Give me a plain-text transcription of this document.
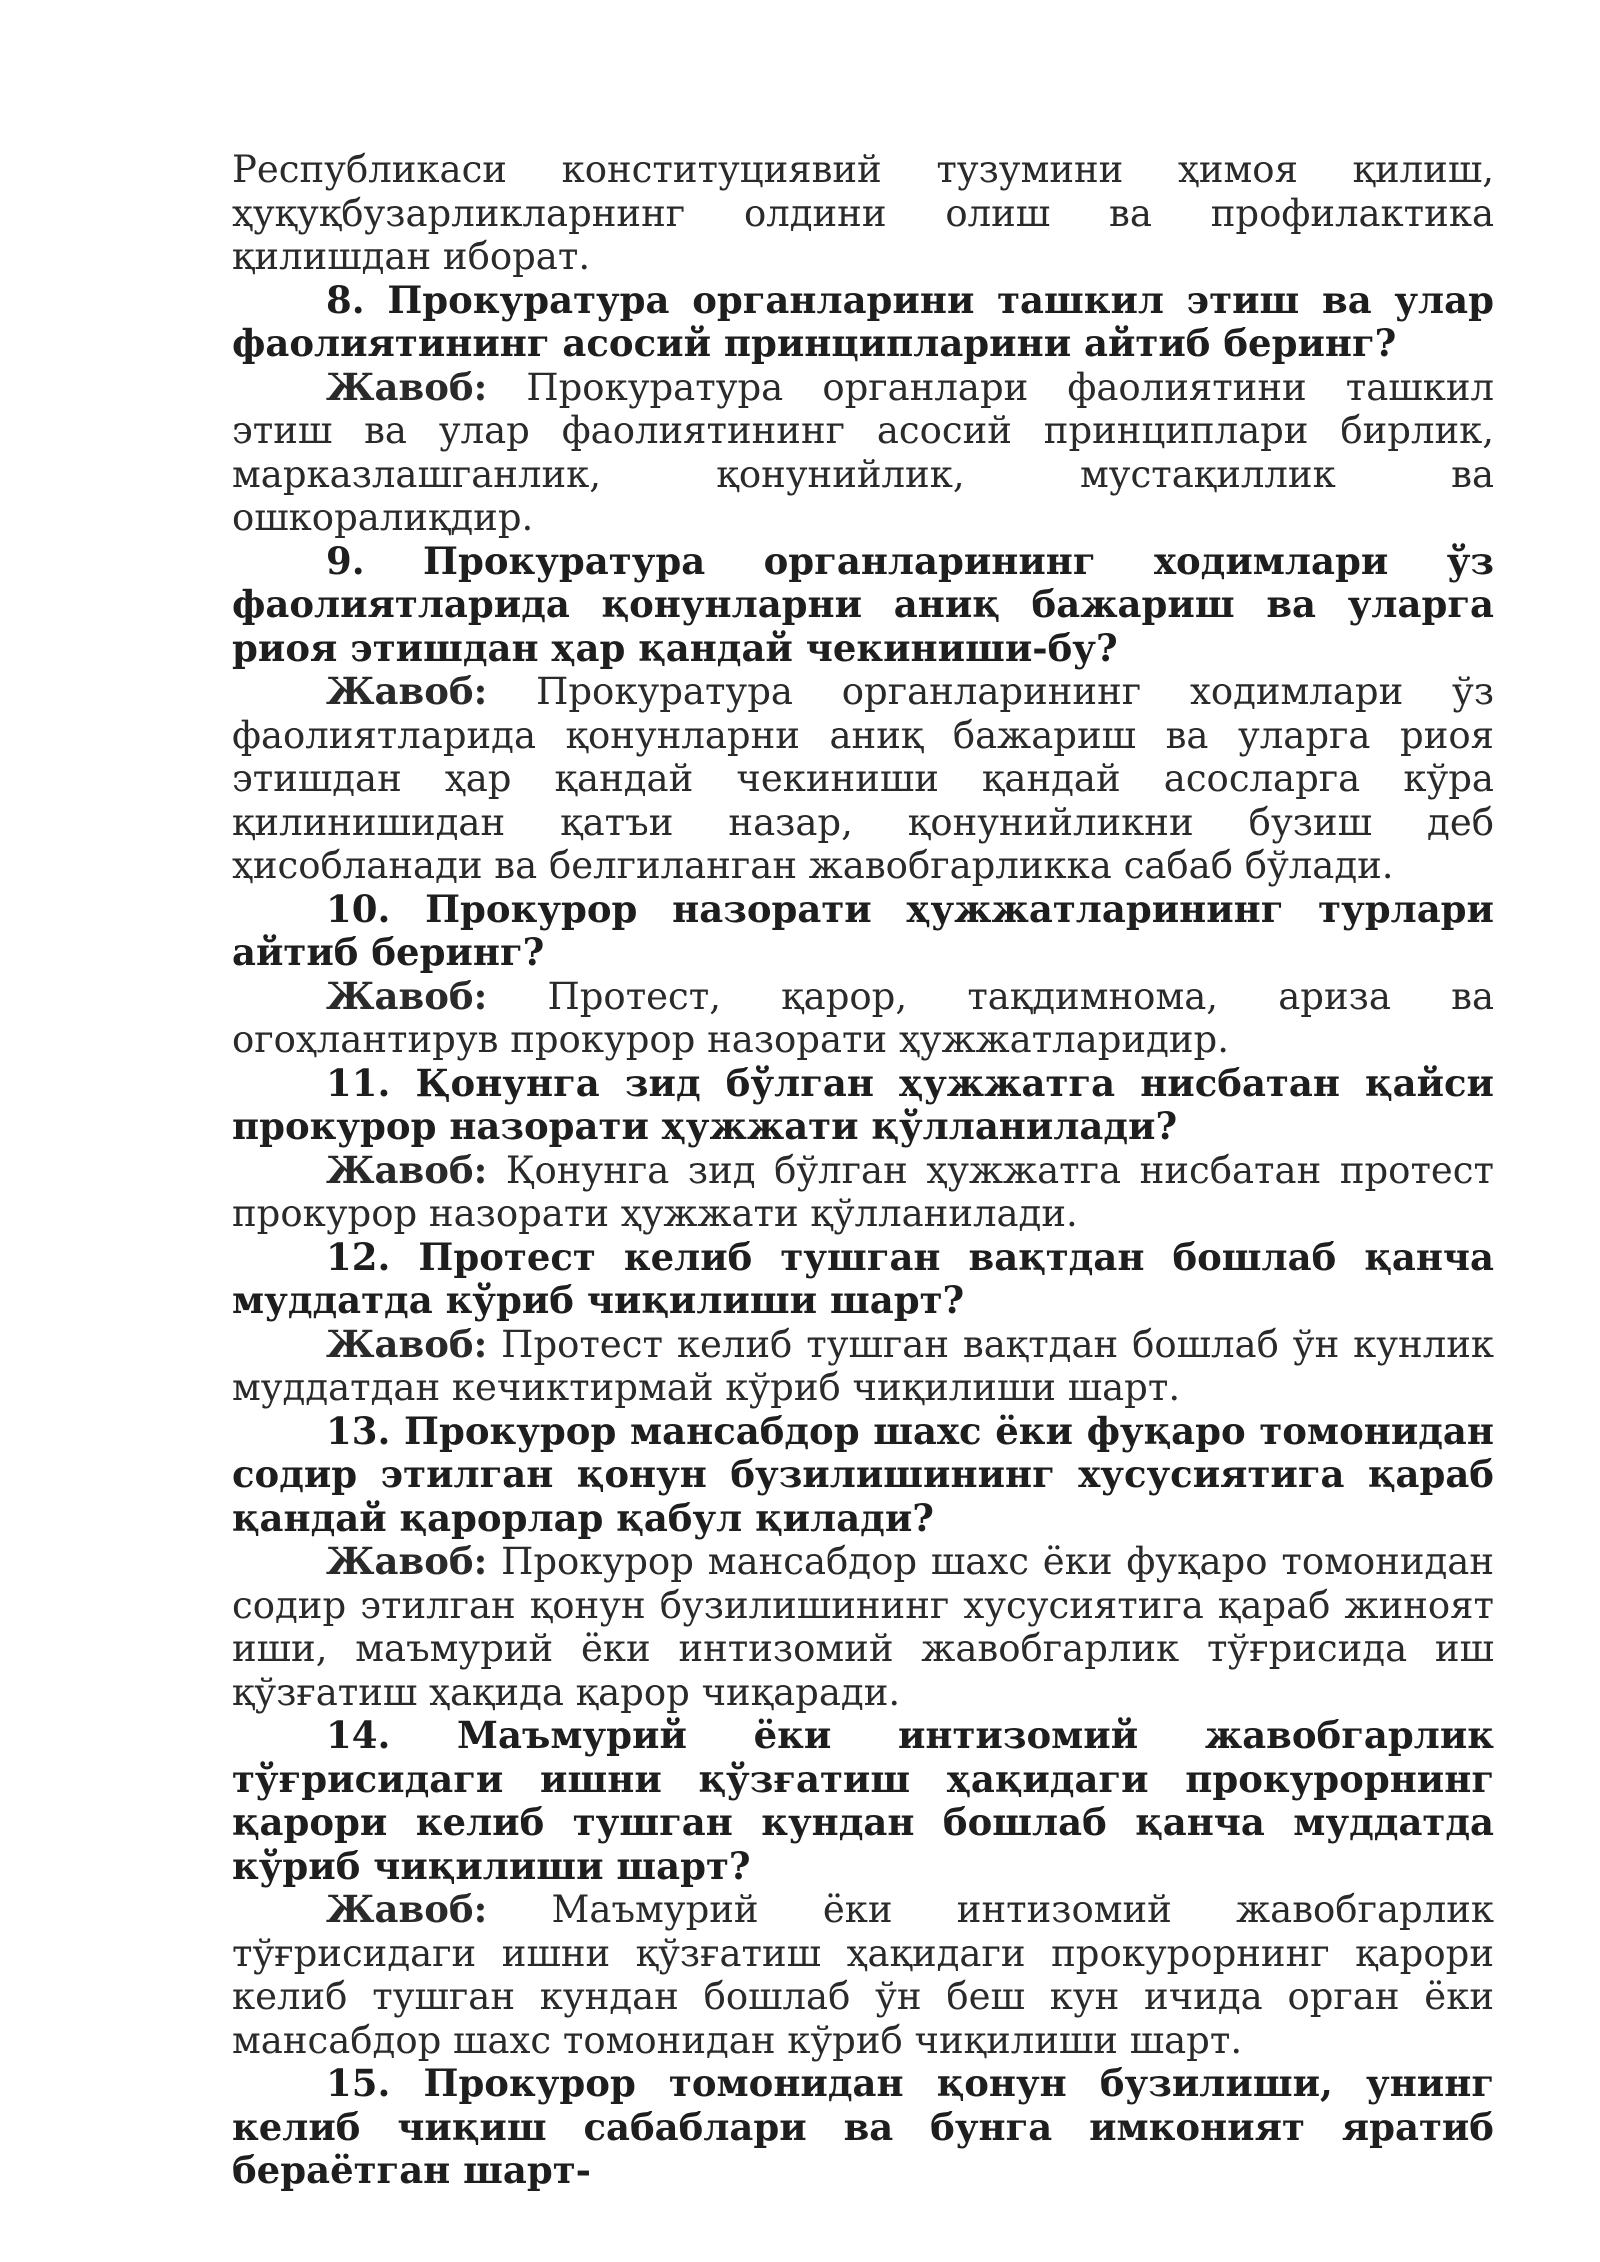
Республикаси конституциявий тузумини ҳимоя қилиш, ҳуқуқбузарликларнинг олдини олиш ва профилактика қилишдан иборат.

8. Прокуратура органларини ташкил этиш ва улар фаолиятининг асосий принципларини айтиб беринг?

Жавоб: Прокуратура органлари фаолиятини ташкил этиш ва улар фаолиятининг асосий принциплари бирлик, марказлашганлик, қонунийлик, мустақиллик ва ошкоралиқдир.

9. Прокуратура органларининг ходимлари ўз фаолиятларида қонунларни аниқ бажариш ва уларга риоя этишдан ҳар қандай чекиниши-бу?

Жавоб: Прокуратура органларининг ходимлари ўз фаолиятларида қонунларни аниқ бажариш ва уларга риоя этишдан ҳар қандай чекиниши қандай асосларга кўра қилинишидан қатъи назар, қонунийликни бузиш деб ҳисобланади ва белгиланган жавобгарликка сабаб бўлади.

10. Прокурор назорати ҳужжатларининг турлари айтиб беринг?

Жавоб: Протест, қарор, тақдимнома, ариза ва огоҳлантирув прокурор назорати ҳужжатларидир.

11. Қонунга зид бўлган ҳужжатга нисбатан қайси прокурор назорати ҳужжати қўлланилади?

Жавоб: Қонунга зид бўлган ҳужжатга нисбатан протест прокурор назорати ҳужжати қўлланилади.

12. Протест келиб тушган вақтдан бошлаб қанча муддатда кўриб чиқилиши шарт?

Жавоб: Протест келиб тушган вақтдан бошлаб ўн кунлик муддатдан кечиктирмай кўриб чиқилиши шарт.

13. Прокурор мансабдор шахс ёки фуқаро томонидан содир этилган қонун бузилишининг хусусиятига қараб қандай қарорлар қабул қилади?

Жавоб: Прокурор мансабдор шахс ёки фуқаро томонидан содир этилган қонун бузилишининг хусусиятига қараб жиноят иши, маъмурий ёки интизомий жавобгарлик тўғрисида иш қўзғатиш ҳақида қарор чиқаради.

14. Маъмурий ёки интизомий жавобгарлик тўғрисидаги ишни қўзғатиш ҳақидаги прокурорнинг қарори келиб тушган кундан бошлаб қанча муддатда кўриб чиқилиши шарт?

Жавоб: Маъмурий ёки интизомий жавобгарлик тўғрисидаги ишни қўзғатиш ҳақидаги прокурорнинг қарори келиб тушган кундан бошлаб ўн беш кун ичида орган ёки мансабдор шахс томонидан кўриб чиқилиши шарт.

15. Прокурор томонидан қонун бузилиши, унинг келиб чиқиш сабаблари ва бунга имконият яратиб бераётган шарт-
